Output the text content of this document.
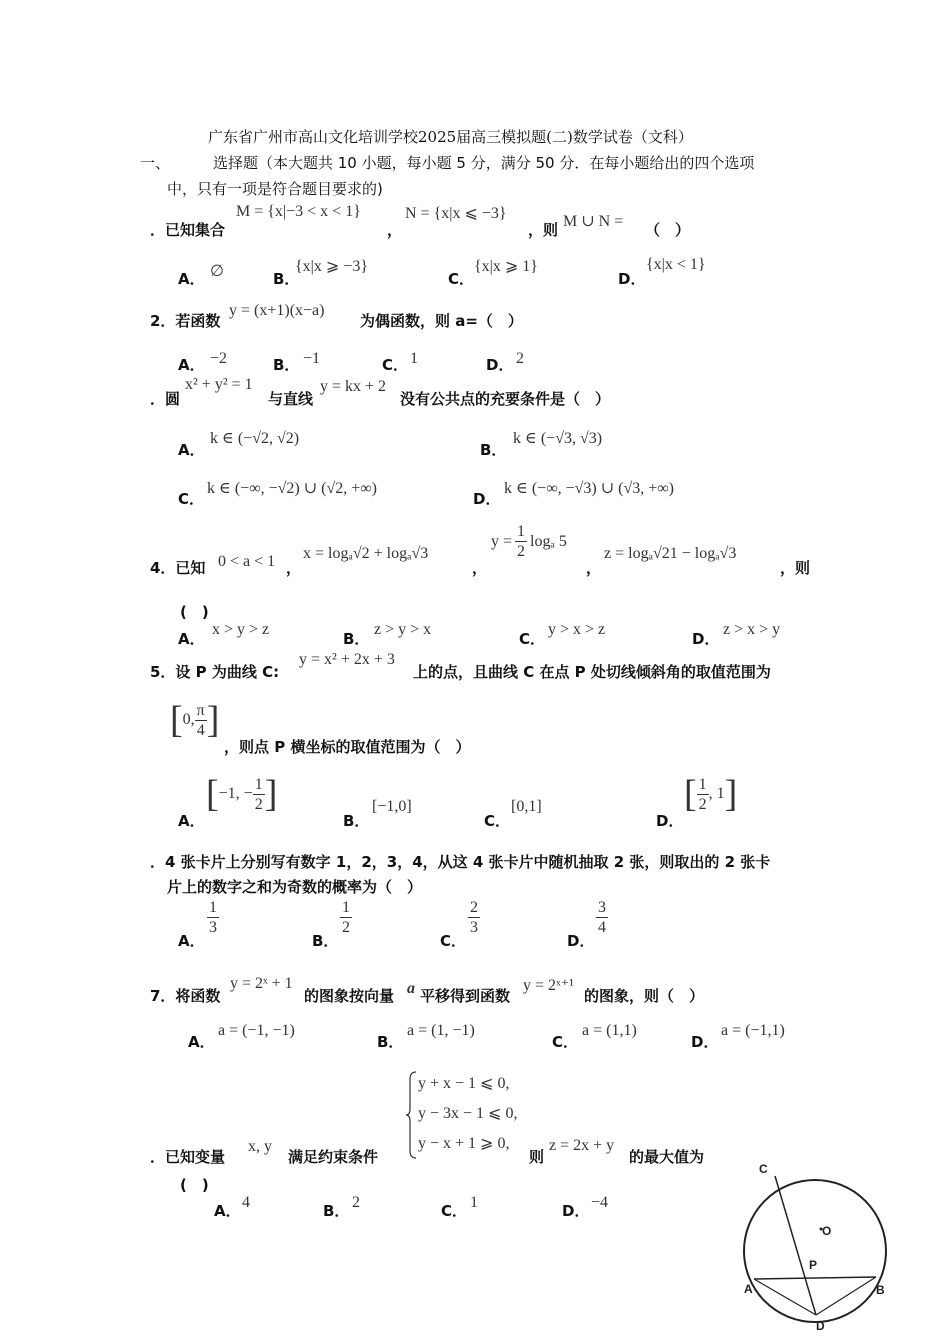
广东省广州市高山文化培训学校2025届高三模拟题(二)数学试卷（文科）
一、	选择题（本大题共 10 小题，每小题 5 分，满分 50 分．在每小题给出的四个选项
中，只有一项是符合题目要求的)
．已知集合
M = {x|−3 < x < 1}
，
N = {x|x ⩽ −3}
，则 M ∪ N = （　）
A． ∅	B．
{x|x ⩾ −3}
C．
{x|x ⩾ 1}
D．
{x|x < 1}
2．若函数
y = (x+1)(x−a)
为偶函数，则 a=（　）
A． −2	B． −1	C． 1	D． 2
．圆
x² + y² = 1
与直线
y = kx + 2
没有公共点的充要条件是（　）
A．
k ∈ (−√2, √2)
B．
k ∈ (−√3, √3)
C．
k ∈ (−∞, −√2) ∪ (√2, +∞)
D．
k ∈ (−∞, −√3) ∪ (√3, +∞)
4．已知 0 < a < 1 ，
x = logₐ√2 + logₐ√3
，
$y = \frac{1}{2}$ logₐ 5
，
z = logₐ√21 − logₐ√3
，则
(　)
A．
x > y > z
B．
z > y > x
C．
y > x > z
D．
z > x > y
5．设 P 为曲线 C:
y = x² + 2x + 3
上的点，且曲线 C 在点 P 处切线倾斜角的取值范围为
[ 0, $\frac{\pi}{4}$ ]
，则点 P 横坐标的取值范围为（　）
A．
[ −1, − $\frac{1}{2}$ ]
B．
[−1,0]
C．
[0,1]
D．
[ $\frac{1}{2}$ , 1 ]
．4 张卡片上分别写有数字 1，2，3，4，从这 4 张卡片中随机抽取 2 张，则取出的 2 张卡
片上的数字之和为奇数的概率为（　）
A．
$\frac{1}{3}$
B．
$\frac{1}{2}$
C．
$\frac{2}{3}$
D．
$\frac{3}{4}$
7．将函数
y = 2ˣ + 1
的图象按向量 a 平移得到函数
y = 2ˣ⁺¹
的图象，则（　）
A．
a = (−1, −1)
B．
a = (1, −1)
C．
a = (1,1)
D．
a = (−1,1)
y + x − 1 ⩽ 0,
y − 3x − 1 ⩽ 0,
y − x + 1 ⩾ 0,
．已知变量
x, y
满足约束条件	则
z = 2x + y
的最大值为
(　)
A． 4	B． 2	C． 1	D． −4
C
O
P
A	B
D
